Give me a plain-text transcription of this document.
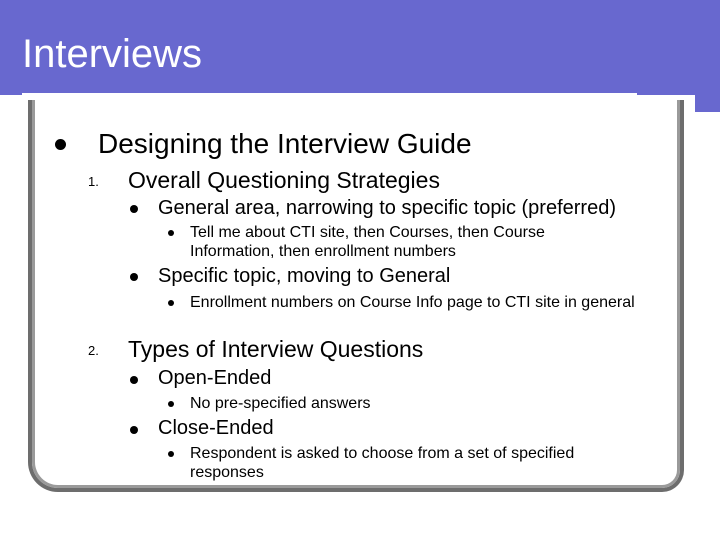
Interviews
Designing the Interview Guide
1. Overall Questioning Strategies
General area, narrowing to specific topic (preferred)
Tell me about CTI site, then Courses, then Course Information, then enrollment numbers
Specific topic, moving to General
Enrollment numbers on Course Info page to CTI site in general
2. Types of Interview Questions
Open-Ended
No pre-specified answers
Close-Ended
Respondent is asked to choose from a set of specified responses
